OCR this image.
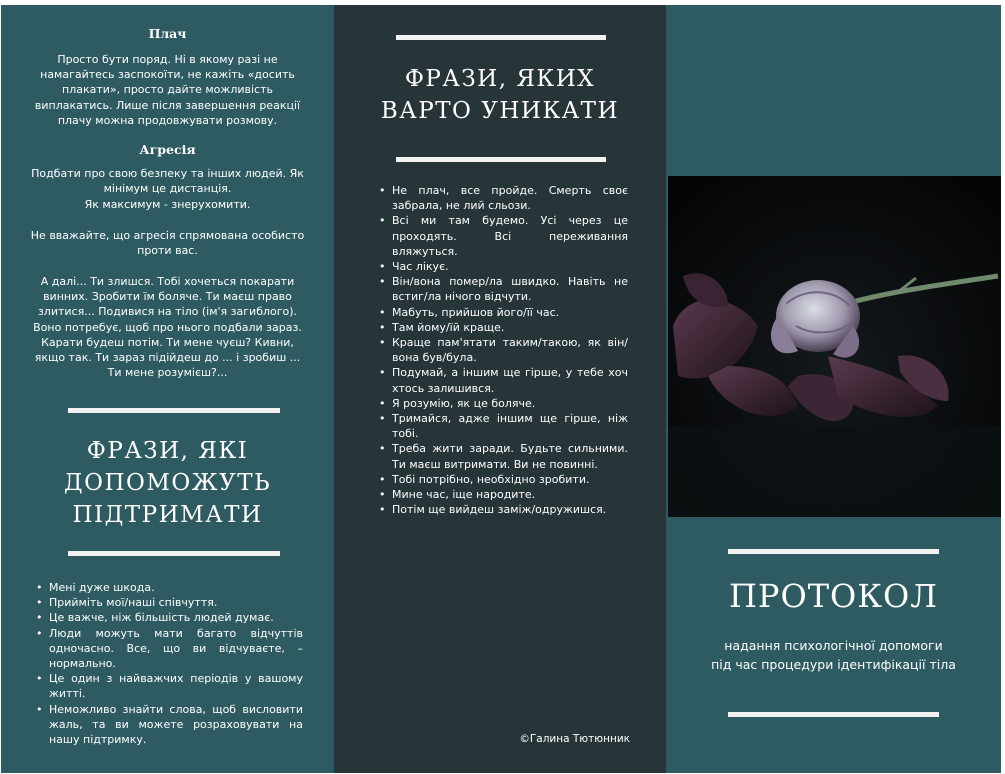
Плач
Просто бути поряд. Ні в якому разі не намагайтесь заспокоїти, не кажіть «досить плакати», просто дайте можливість виплакатись. Лише після завершення реакції плачу можна продовжувати розмову.
Агресія
Подбати про свою безпеку та інших людей. Як мінімум це дистанція.
Як максимум - знерухомити.
Не вважайте, що агресія спрямована особисто проти вас.
А далі... Ти злишся. Тобі хочеться покарати винних. Зробити їм боляче. Ти маєш право злитися... Подивися на тіло (ім'я загиблого). Воно потребує, щоб про нього подбали зараз. Карати будеш потім. Ти мене чуєш? Кивни, якщо так. Ти зараз підійдеш до ... і зробиш ... Ти мене розумієш?...
ФРАЗИ, ЯКІ
ДОПОМОЖУТЬ
ПІДТРИМАТИ
• Мені дуже шкода.
• Прийміть мої/наші співчуття.
• Це важче, ніж більшість людей думає.
• Люди можуть мати багато відчуттів одночасно. Все, що ви відчуваєте, – нормально.
• Це один з найважчих періодів у вашому житті.
• Неможливо знайти слова, щоб висловити жаль, та ви можете розраховувати на нашу підтримку.
ФРАЗИ, ЯКИХ
ВАРТО УНИКАТИ
• Не плач, все пройде. Смерть своє забрала, не лий сльози.
• Всі ми там будемо. Усі через це проходять. Всі переживання вляжуться.
• Час лікує.
• Він/вона помер/ла швидко. Навіть не встиг/ла нічого відчути.
• Мабуть, прийшов його/її час.
• Там йому/їй краще.
• Краще пам'ятати таким/такою, як він/вона був/була.
• Подумай, а іншим ще гірше, у тебе хоч хтось залишився.
• Я розумію, як це боляче.
• Тримайся, адже іншим ще гірше, ніж тобі.
• Треба жити заради. Будьте сильними. Ти маєш витримати. Ви не повинні.
• Тобі потрібно, необхідно зробити.
• Мине час, іще народите.
• Потім ще вийдеш заміж/одружишся.
©Галина Тютюнник
ПРОТОКОЛ
надання психологічної допомоги
під час процедури ідентифікації тіла
